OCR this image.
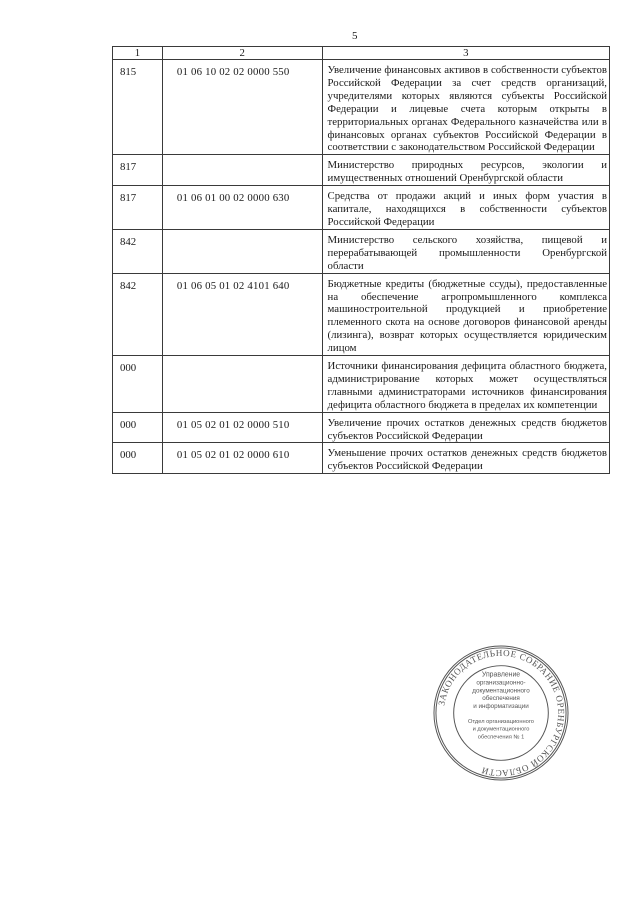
5
1	2	3
815	01 06 10 02 02 0000 550	Увеличение финансовых активов в собственности субъектов Российской Федерации за счет средств организаций, учредителями которых являются субъекты Российской Федерации и лицевые счета которым открыты в территориальных органах Федерального казначейства или в финансовых органах субъектов Российской Федерации в соответствии с законодательством Российской Федерации
817		Министерство природных ресурсов, экологии и имущественных отношений Оренбургской области
817	01 06 01 00 02 0000 630	Средства от продажи акций и иных форм участия в капитале, находящихся в собственности субъектов Российской Федерации
842		Министерство сельского хозяйства, пищевой и перерабатывающей промышленности Оренбургской области
842	01 06 05 01 02 4101 640	Бюджетные кредиты (бюджетные ссуды), предоставленные на обеспечение агропромышленного комплекса машиностроительной продукцией и приобретение племенного скота на основе договоров финансовой аренды (лизинга), возврат которых осуществляется юридическим лицом
000		Источники финансирования дефицита областного бюджета, администрирование которых может осуществляться главными администраторами источников финансирования дефицита областного бюджета в пределах их компетенции
000	01 05 02 01 02 0000 510	Увеличение прочих остатков денежных средств бюджетов субъектов Российской Федерации
000	01 05 02 01 02 0000 610	Уменьшение прочих остатков денежных средств бюджетов субъектов Российской Федерации
ЗАКОНОДАТЕЛЬНОЕ СОБРАНИЕ ОРЕНБУРГСКОЙ ОБЛАСТИ
Управление
организационно-
документационного
обеспечения
и информатизации
Отдел организационного
и документационного
обеспечения № 1
